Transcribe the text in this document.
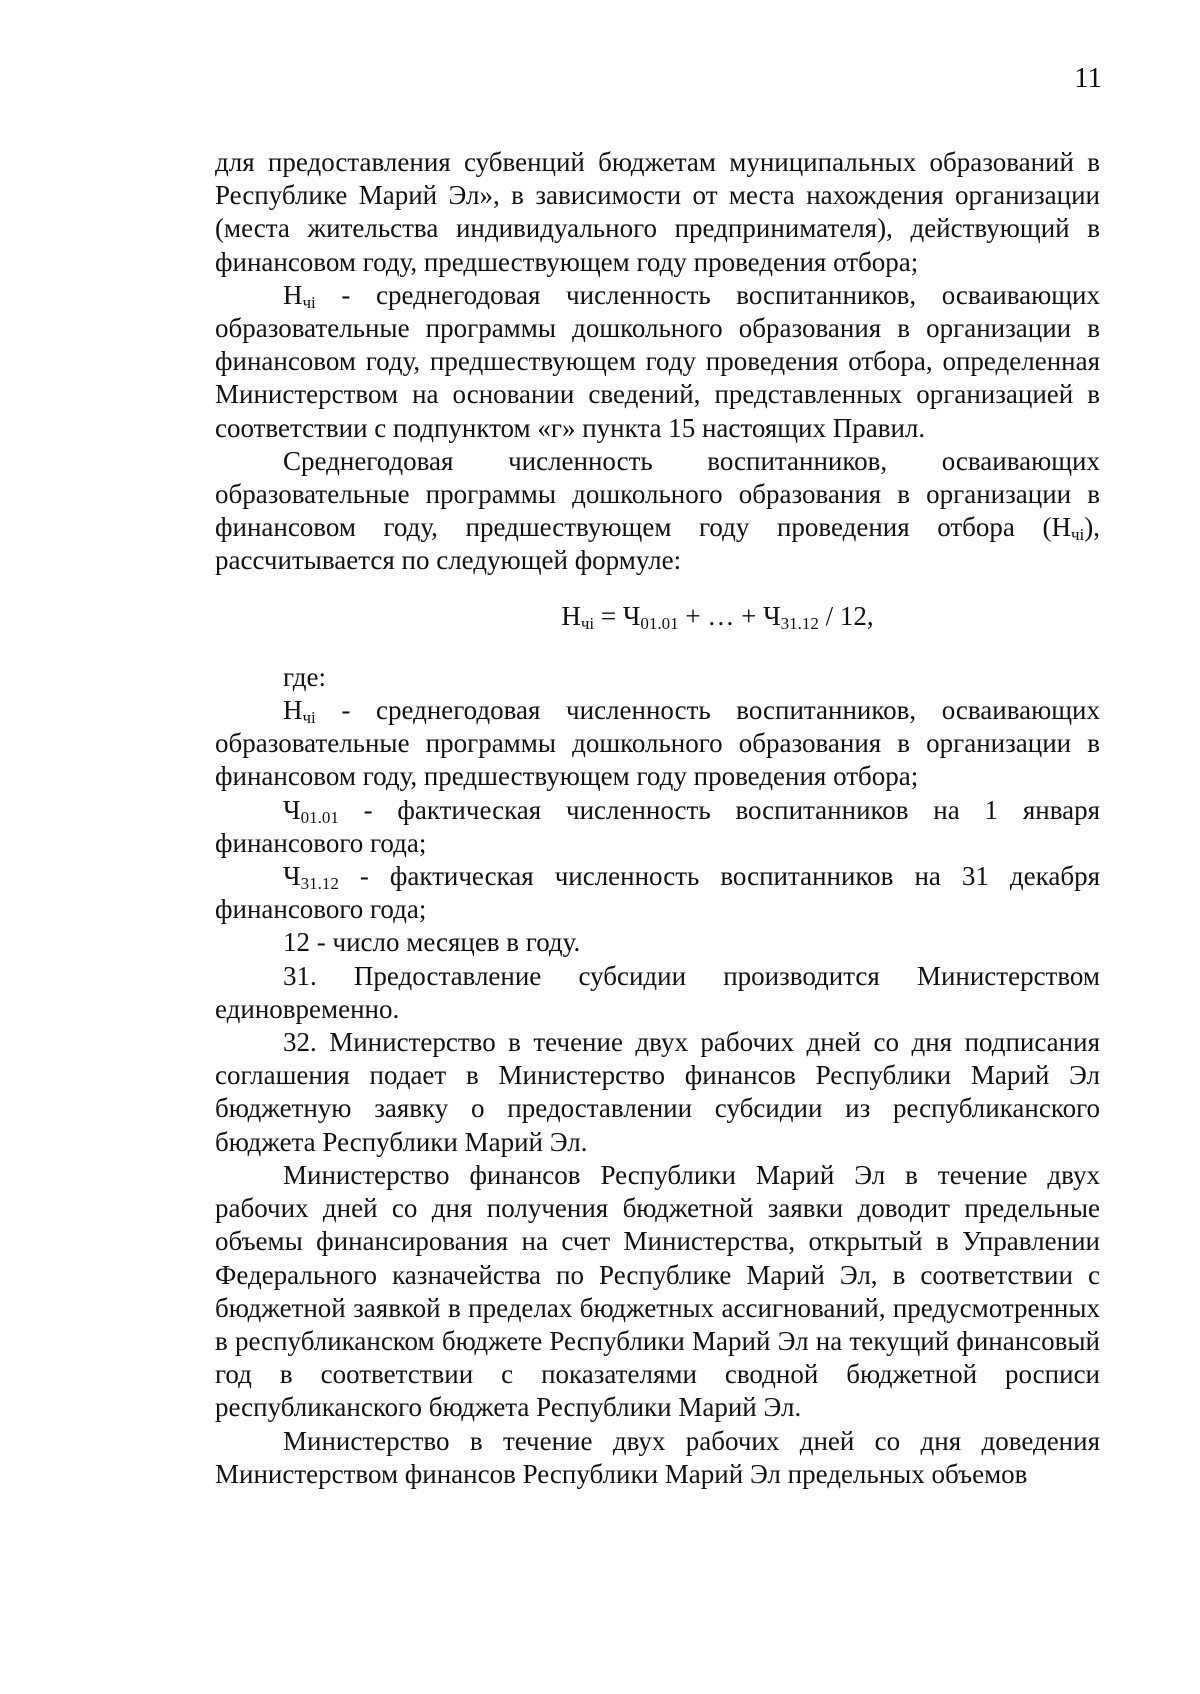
11

для предоставления субвенций бюджетам муниципальных образований в Республике Марий Эл», в зависимости от места нахождения организации (места жительства индивидуального предпринимателя), действующий в финансовом году, предшествующем году проведения отбора;

$Н_{чi}$ - среднегодовая численность воспитанников, осваивающих образовательные программы дошкольного образования в организации в финансовом году, предшествующем году проведения отбора, определенная Министерством на основании сведений, представленных организацией в соответствии с подпунктом «г» пункта 15 настоящих Правил.

Среднегодовая численность воспитанников, осваивающих образовательные программы дошкольного образования в организации в финансовом году, предшествующем году проведения отбора $(Н_{чi})$, рассчитывается по следующей формуле:

$Н_{чi} = Ч_{01.01}$ + … + $Ч_{31.12} / 12$,

где:

$Н_{чi}$ - среднегодовая численность воспитанников, осваивающих образовательные программы дошкольного образования в организации в финансовом году, предшествующем году проведения отбора;

$Ч_{01.01}$ - фактическая численность воспитанников на 1 января финансового года;

$Ч_{31.12}$ - фактическая численность воспитанников на 31 декабря финансового года;

12 - число месяцев в году.

31. Предоставление субсидии производится Министерством единовременно.

32. Министерство в течение двух рабочих дней со дня подписания соглашения подает в Министерство финансов Республики Марий Эл бюджетную заявку о предоставлении субсидии из республиканского бюджета Республики Марий Эл.

Министерство финансов Республики Марий Эл в течение двух рабочих дней со дня получения бюджетной заявки доводит предельные объемы финансирования на счет Министерства, открытый в Управлении Федерального казначейства по Республике Марий Эл, в соответствии с бюджетной заявкой в пределах бюджетных ассигнований, предусмотренных в республиканском бюджете Республики Марий Эл на текущий финансовый год в соответствии с показателями сводной бюджетной росписи республиканского бюджета Республики Марий Эл.

Министерство в течение двух рабочих дней со дня доведения Министерством финансов Республики Марий Эл предельных объемов
